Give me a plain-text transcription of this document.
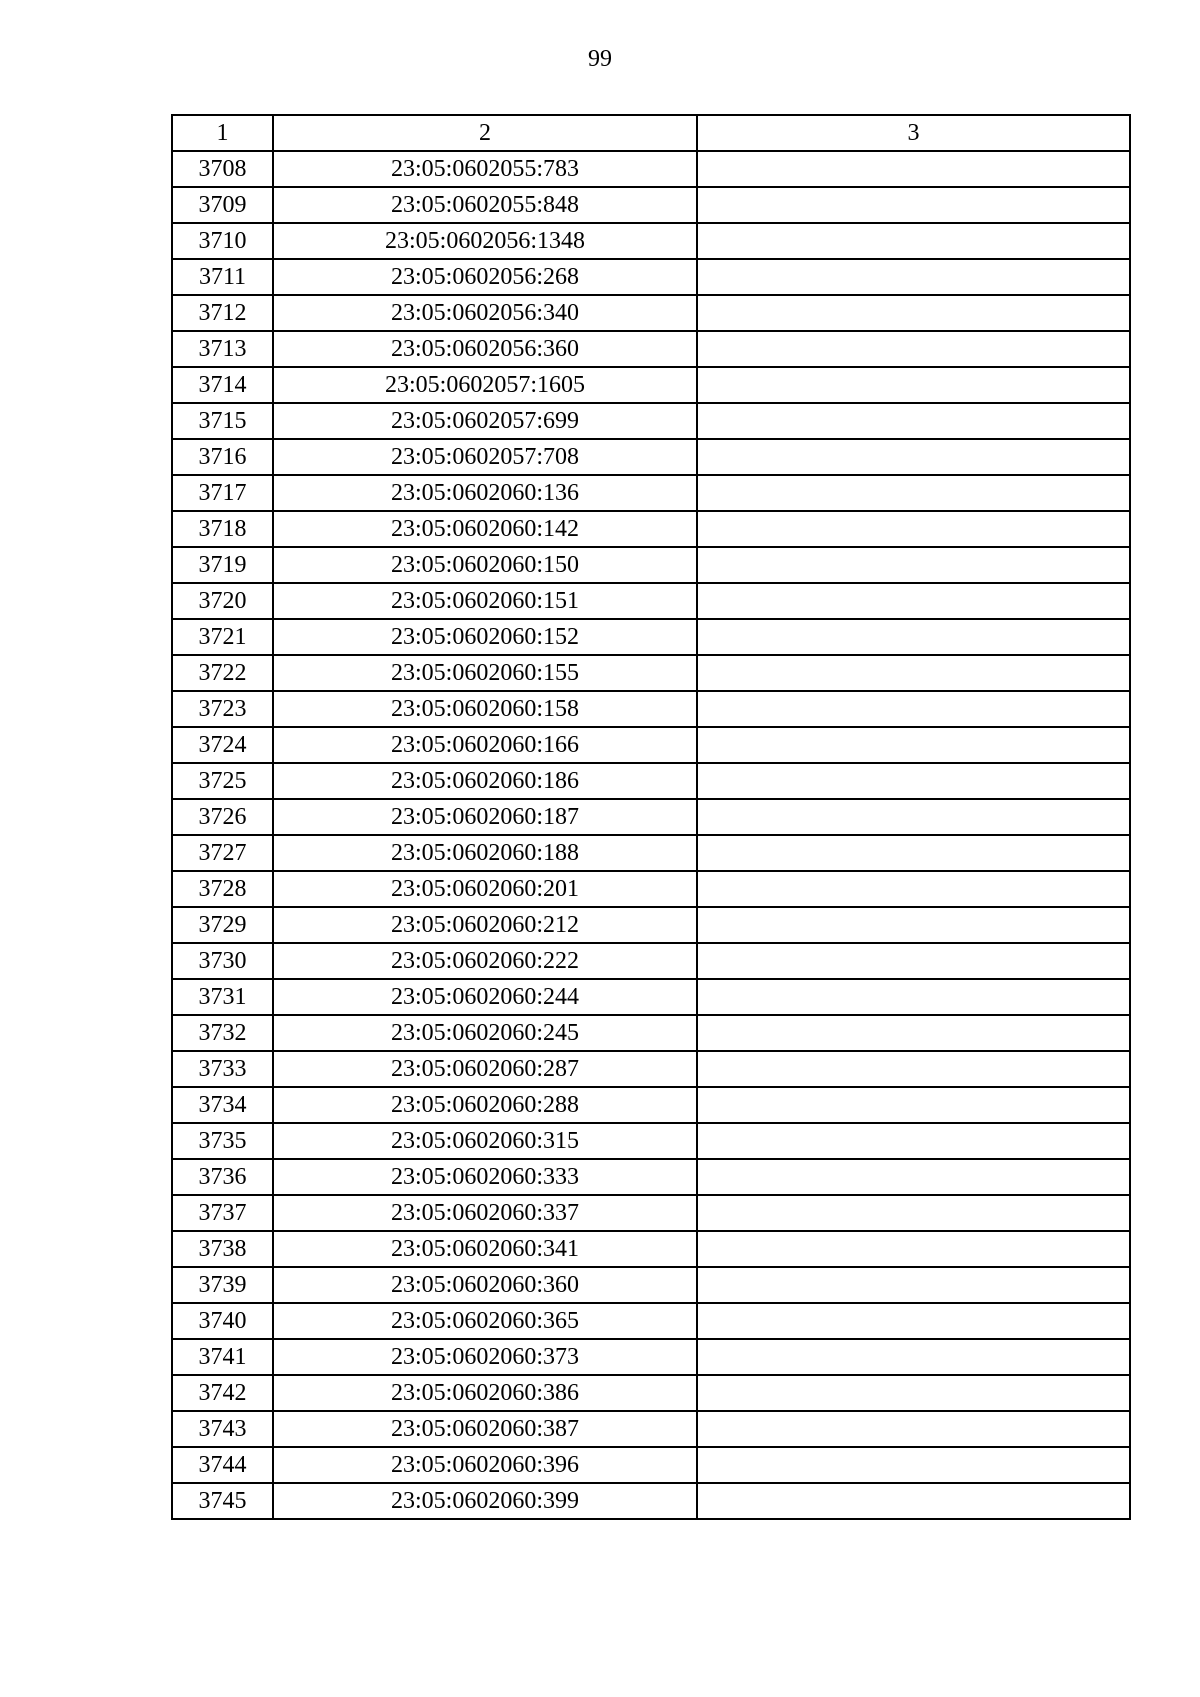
99
1	2	3
3708	23:05:0602055:783	
3709	23:05:0602055:848	
3710	23:05:0602056:1348	
3711	23:05:0602056:268	
3712	23:05:0602056:340	
3713	23:05:0602056:360	
3714	23:05:0602057:1605	
3715	23:05:0602057:699	
3716	23:05:0602057:708	
3717	23:05:0602060:136	
3718	23:05:0602060:142	
3719	23:05:0602060:150	
3720	23:05:0602060:151	
3721	23:05:0602060:152	
3722	23:05:0602060:155	
3723	23:05:0602060:158	
3724	23:05:0602060:166	
3725	23:05:0602060:186	
3726	23:05:0602060:187	
3727	23:05:0602060:188	
3728	23:05:0602060:201	
3729	23:05:0602060:212	
3730	23:05:0602060:222	
3731	23:05:0602060:244	
3732	23:05:0602060:245	
3733	23:05:0602060:287	
3734	23:05:0602060:288	
3735	23:05:0602060:315	
3736	23:05:0602060:333	
3737	23:05:0602060:337	
3738	23:05:0602060:341	
3739	23:05:0602060:360	
3740	23:05:0602060:365	
3741	23:05:0602060:373	
3742	23:05:0602060:386	
3743	23:05:0602060:387	
3744	23:05:0602060:396	
3745	23:05:0602060:399	
